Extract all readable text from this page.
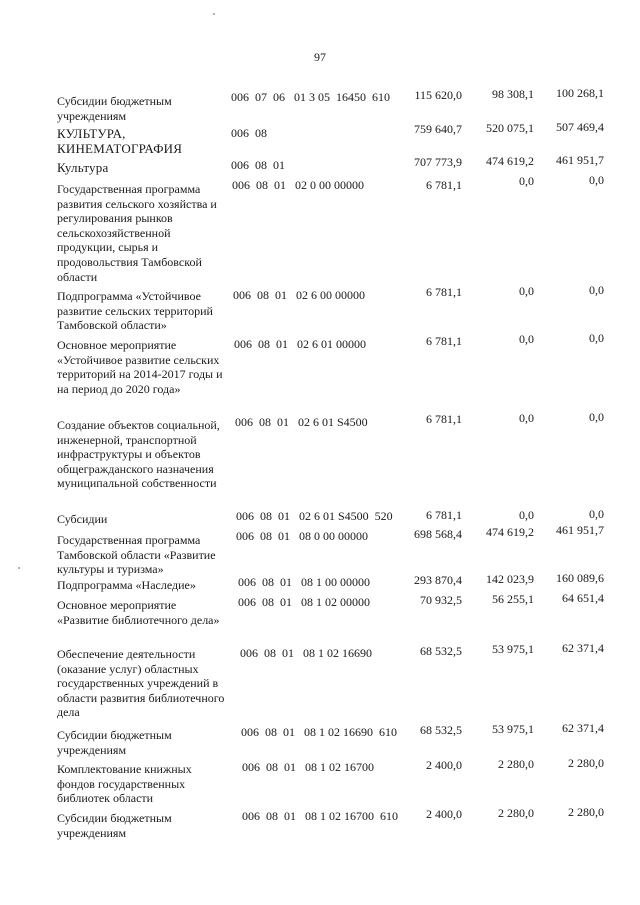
97
Субсидии бюджетным учреждениям
006  07  06   01 3 05  16450  610	115 620,0	98 308,1	100 268,1
КУЛЬТУРА, КИНЕМАТОГРАФИЯ
006  08	759 640,7	520 075,1	507 469,4
Культура	006  08  01	707 773,9	474 619,2	461 951,7
Государственная программа развития сельского хозяйства и регулирования рынков сельскохозяйственной продукции, сырья и продовольствия Тамбовской области
006  08  01   02 0 00 00000	6 781,1	0,0	0,0
Подпрограмма «Устойчивое развитие сельских территорий Тамбовской области»
006  08  01   02 6 00 00000	6 781,1	0,0	0,0
Основное мероприятие «Устойчивое развитие сельских территорий на 2014-2017 годы и на период до 2020 года»
006  08  01   02 6 01 00000	6 781,1	0,0	0,0
Создание объектов социальной, инженерной, транспортной инфраструктуры и объектов общегражданского назначения муниципальной собственности
006  08  01   02 6 01 S4500	6 781,1	0,0	0,0
Субсидии	006  08  01   02 6 01 S4500  520	6 781,1	0,0	0,0
Государственная программа Тамбовской области «Развитие культуры и туризма»
006  08  01   08 0 00 00000	698 568,4	474 619,2	461 951,7
Подпрограмма «Наследие»	006  08  01   08 1 00 00000	293 870,4	142 023,9	160 089,6
Основное мероприятие «Развитие библиотечного дела»
006  08  01   08 1 02 00000	70 932,5	56 255,1	64 651,4
Обеспечение деятельности (оказание услуг) областных государственных учреждений в области развития библиотечного дела
006  08  01   08 1 02 16690	68 532,5	53 975,1	62 371,4
Субсидии бюджетным учреждениям
006  08  01   08 1 02 16690  610	68 532,5	53 975,1	62 371,4
Комплектование книжных фондов государственных библиотек области
006  08  01   08 1 02 16700	2 400,0	2 280,0	2 280,0
Субсидии бюджетным учреждениям
006  08  01   08 1 02 16700  610	2 400,0	2 280,0	2 280,0
